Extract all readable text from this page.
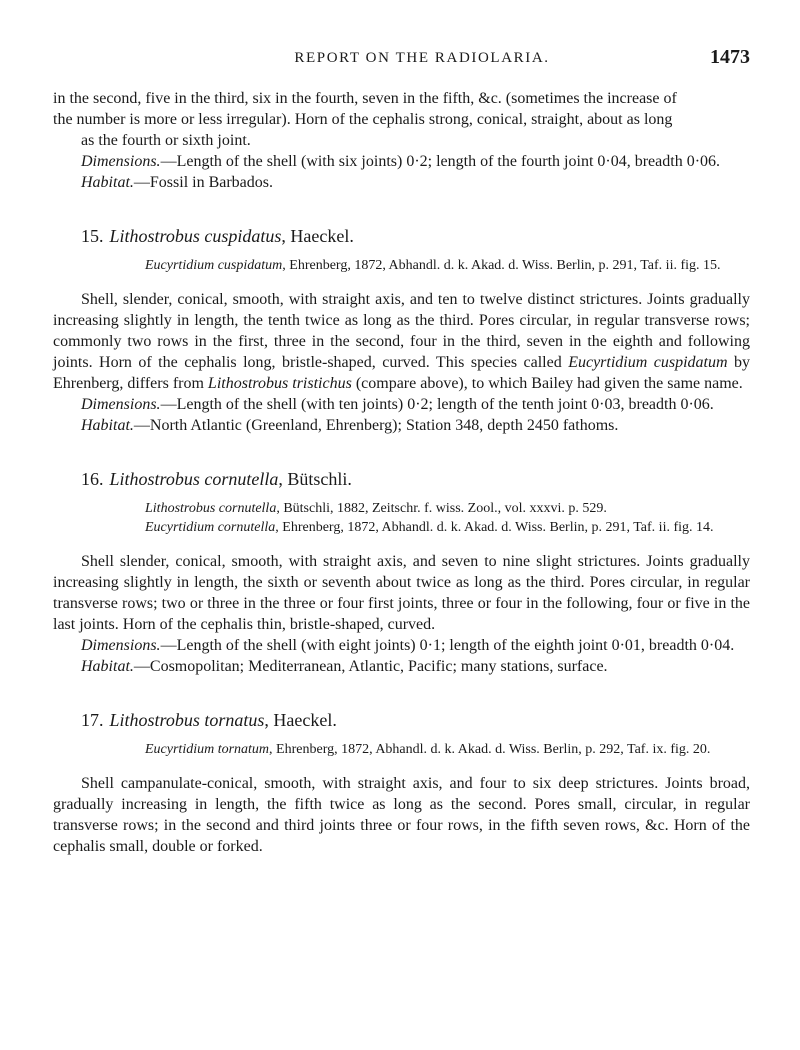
REPORT ON THE RADIOLARIA.	1473

in the second, five in the third, six in the fourth, seven in the fifth, &c. (sometimes the increase of

the number is more or less irregular). Horn of the cephalis strong, conical, straight, about as long

as the fourth or sixth joint.

Dimensions.—Length of the shell (with six joints) 0·2; length of the fourth joint 0·04, breadth 0·06.

Habitat.—Fossil in Barbados.

15. Lithostrobus cuspidatus, Haeckel.

Eucyrtidium cuspidatum, Ehrenberg, 1872, Abhandl. d. k. Akad. d. Wiss. Berlin, p. 291, Taf. ii. fig. 15.

Shell, slender, conical, smooth, with straight axis, and ten to twelve distinct strictures. Joints gradually increasing slightly in length, the tenth twice as long as the third. Pores circular, in regular transverse rows; commonly two rows in the first, three in the second, four in the third, seven in the eighth and following joints. Horn of the cephalis long, bristle-shaped, curved. This species called Eucyrtidium cuspidatum by Ehrenberg, differs from Lithostrobus tristichus (compare above), to which Bailey had given the same name.

Dimensions.—Length of the shell (with ten joints) 0·2; length of the tenth joint 0·03, breadth 0·06.

Habitat.—North Atlantic (Greenland, Ehrenberg); Station 348, depth 2450 fathoms.

16. Lithostrobus cornutella, Bütschli.

Lithostrobus cornutella, Bütschli, 1882, Zeitschr. f. wiss. Zool., vol. xxxvi. p. 529.

Eucyrtidium cornutella, Ehrenberg, 1872, Abhandl. d. k. Akad. d. Wiss. Berlin, p. 291, Taf. ii. fig. 14.

Shell slender, conical, smooth, with straight axis, and seven to nine slight strictures. Joints gradually increasing slightly in length, the sixth or seventh about twice as long as the third. Pores circular, in regular transverse rows; two or three in the three or four first joints, three or four in the following, four or five in the last joints. Horn of the cephalis thin, bristle-shaped, curved.

Dimensions.—Length of the shell (with eight joints) 0·1; length of the eighth joint 0·01, breadth 0·04.

Habitat.—Cosmopolitan; Mediterranean, Atlantic, Pacific; many stations, surface.

17. Lithostrobus tornatus, Haeckel.

Eucyrtidium tornatum, Ehrenberg, 1872, Abhandl. d. k. Akad. d. Wiss. Berlin, p. 292, Taf. ix. fig. 20.

Shell campanulate-conical, smooth, with straight axis, and four to six deep strictures. Joints broad, gradually increasing in length, the fifth twice as long as the second. Pores small, circular, in regular transverse rows; in the second and third joints three or four rows, in the fifth seven rows, &c. Horn of the cephalis small, double or forked.
